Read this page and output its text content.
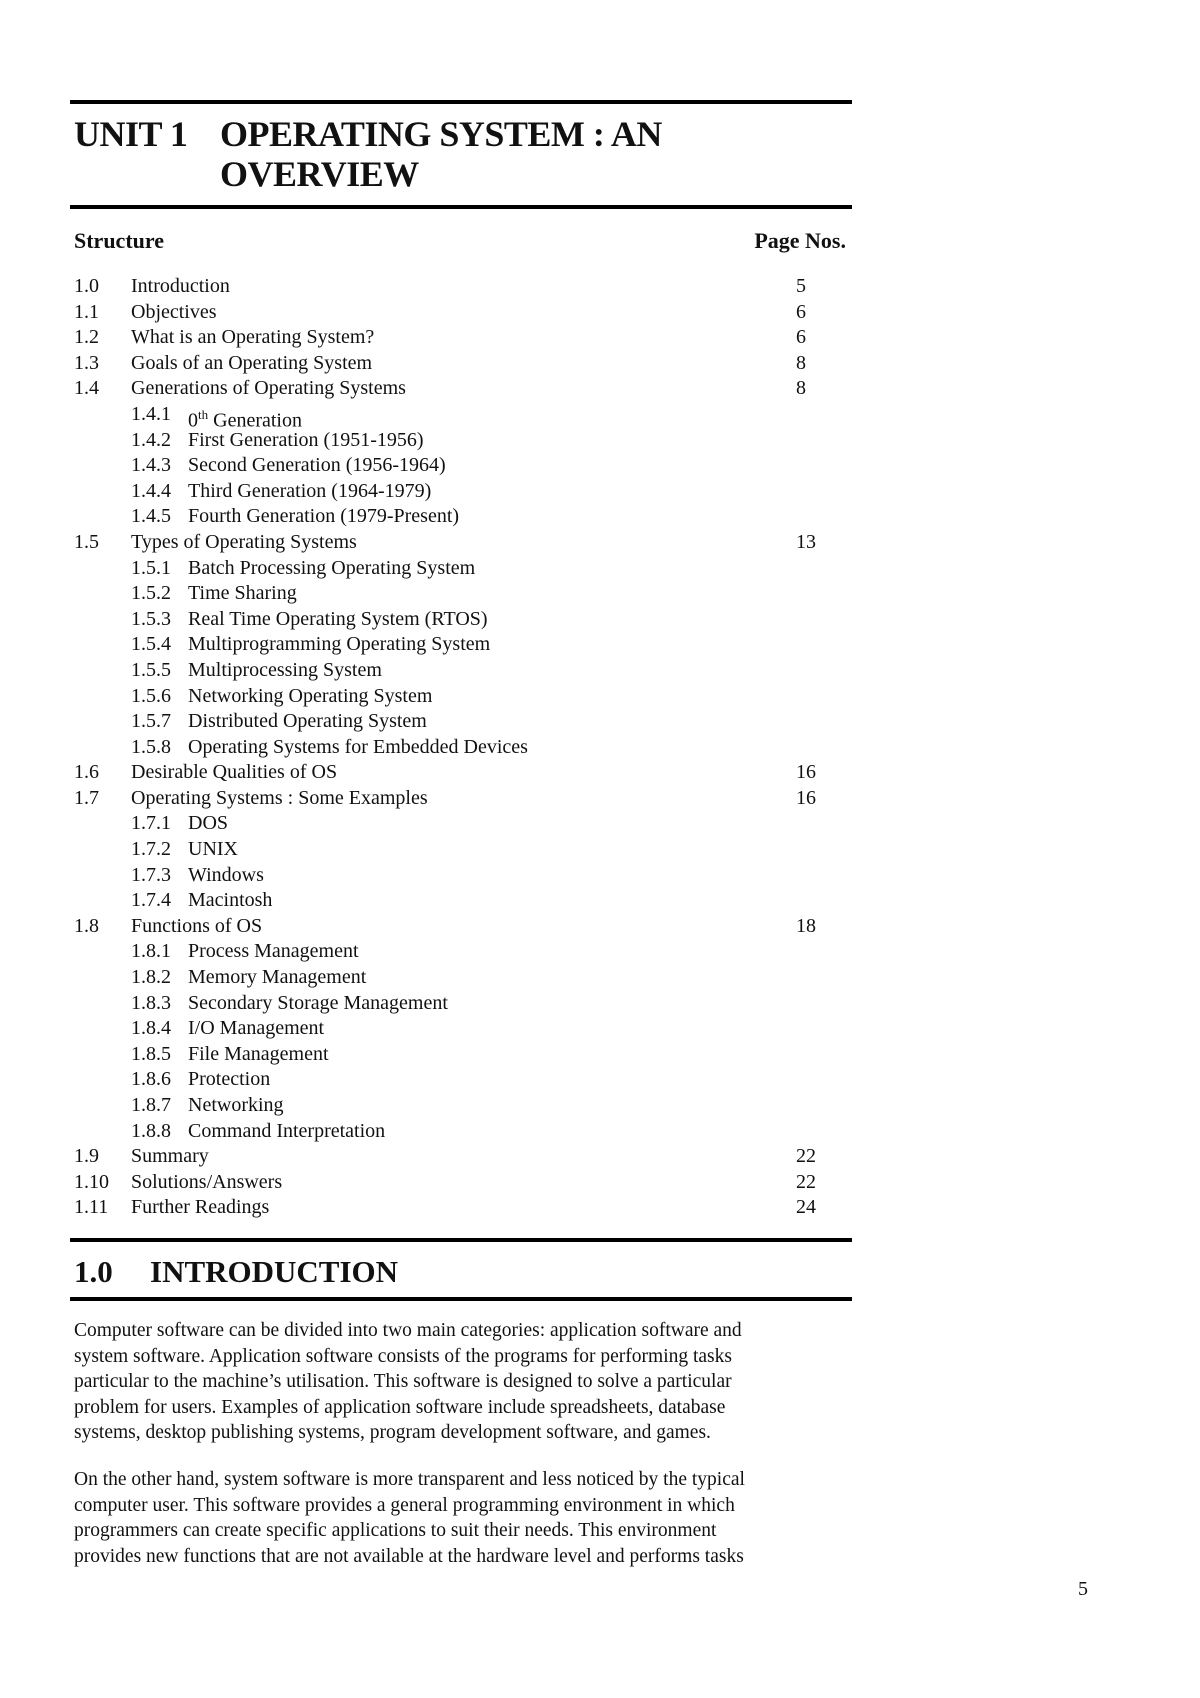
UNIT 1 OPERATING SYSTEM : AN OVERVIEW
Structure	Page Nos.
1.0 Introduction	5
1.1 Objectives	6
1.2 What is an Operating System?	6
1.3 Goals of an Operating System	8
1.4 Generations of Operating Systems	8
1.4.1 0th Generation
1.4.2 First Generation (1951-1956)
1.4.3 Second Generation (1956-1964)
1.4.4 Third Generation (1964-1979)
1.4.5 Fourth Generation (1979-Present)
1.5 Types of Operating Systems	13
1.5.1 Batch Processing Operating System
1.5.2 Time Sharing
1.5.3 Real Time Operating System (RTOS)
1.5.4 Multiprogramming Operating System
1.5.5 Multiprocessing System
1.5.6 Networking Operating System
1.5.7 Distributed Operating System
1.5.8 Operating Systems for Embedded Devices
1.6 Desirable Qualities of OS	16
1.7 Operating Systems : Some Examples	16
1.7.1 DOS
1.7.2 UNIX
1.7.3 Windows
1.7.4 Macintosh
1.8 Functions of OS	18
1.8.1 Process Management
1.8.2 Memory Management
1.8.3 Secondary Storage Management
1.8.4 I/O Management
1.8.5 File Management
1.8.6 Protection
1.8.7 Networking
1.8.8 Command Interpretation
1.9 Summary	22
1.10 Solutions/Answers	22
1.11 Further Readings	24
1.0 INTRODUCTION
Computer software can be divided into two main categories: application software and
system software. Application software consists of the programs for performing tasks
particular to the machine’s utilisation. This software is designed to solve a particular
problem for users. Examples of application software include spreadsheets, database
systems, desktop publishing systems, program development software, and games.
On the other hand, system software is more transparent and less noticed by the typical
computer user. This software provides a general programming environment in which
programmers can create specific applications to suit their needs. This environment
provides new functions that are not available at the hardware level and performs tasks
5
